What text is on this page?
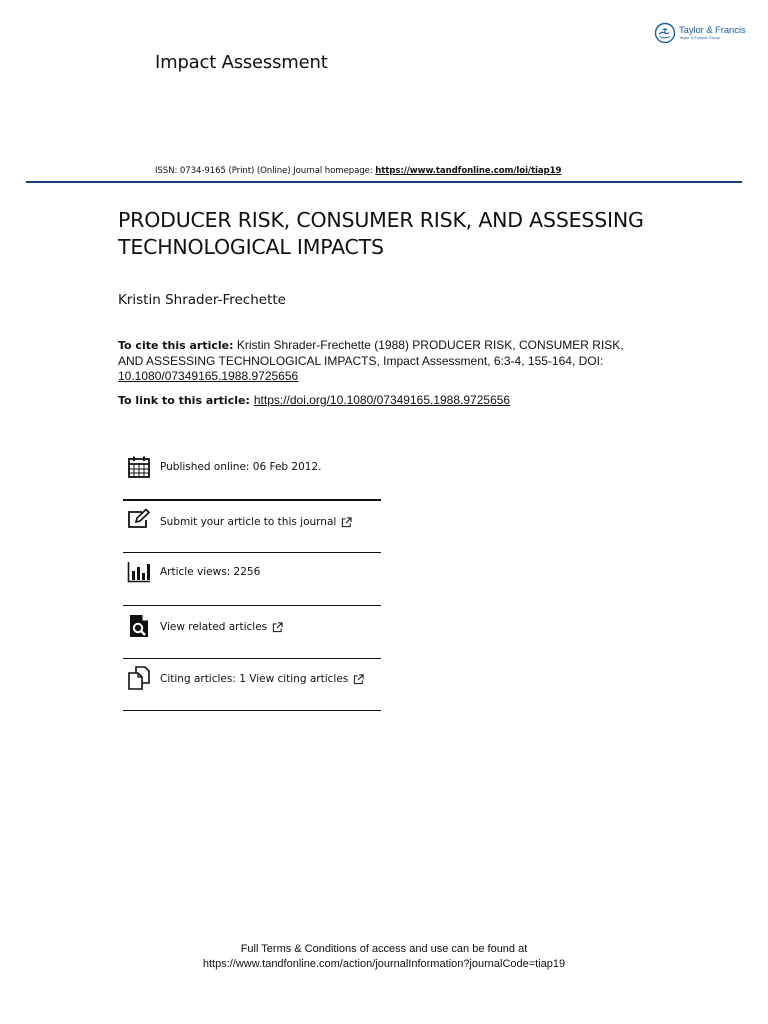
Taylor & Francis
Taylor & Francis Group
Impact Assessment
ISSN: 0734-9165 (Print) (Online) Journal homepage: https://www.tandfonline.com/loi/tiap19
PRODUCER RISK, CONSUMER RISK, AND ASSESSING TECHNOLOGICAL IMPACTS
Kristin Shrader-Frechette
To cite this article: Kristin Shrader-Frechette (1988) PRODUCER RISK, CONSUMER RISK, AND ASSESSING TECHNOLOGICAL IMPACTS, Impact Assessment, 6:3-4, 155-164, DOI: 10.1080/07349165.1988.9725656
To link to this article: https://doi.org/10.1080/07349165.1988.9725656
Published online: 06 Feb 2012.
Submit your article to this journal
Article views: 2256
View related articles
Citing articles: 1 View citing articles
Full Terms & Conditions of access and use can be found at
https://www.tandfonline.com/action/journalInformation?journalCode=tiap19
